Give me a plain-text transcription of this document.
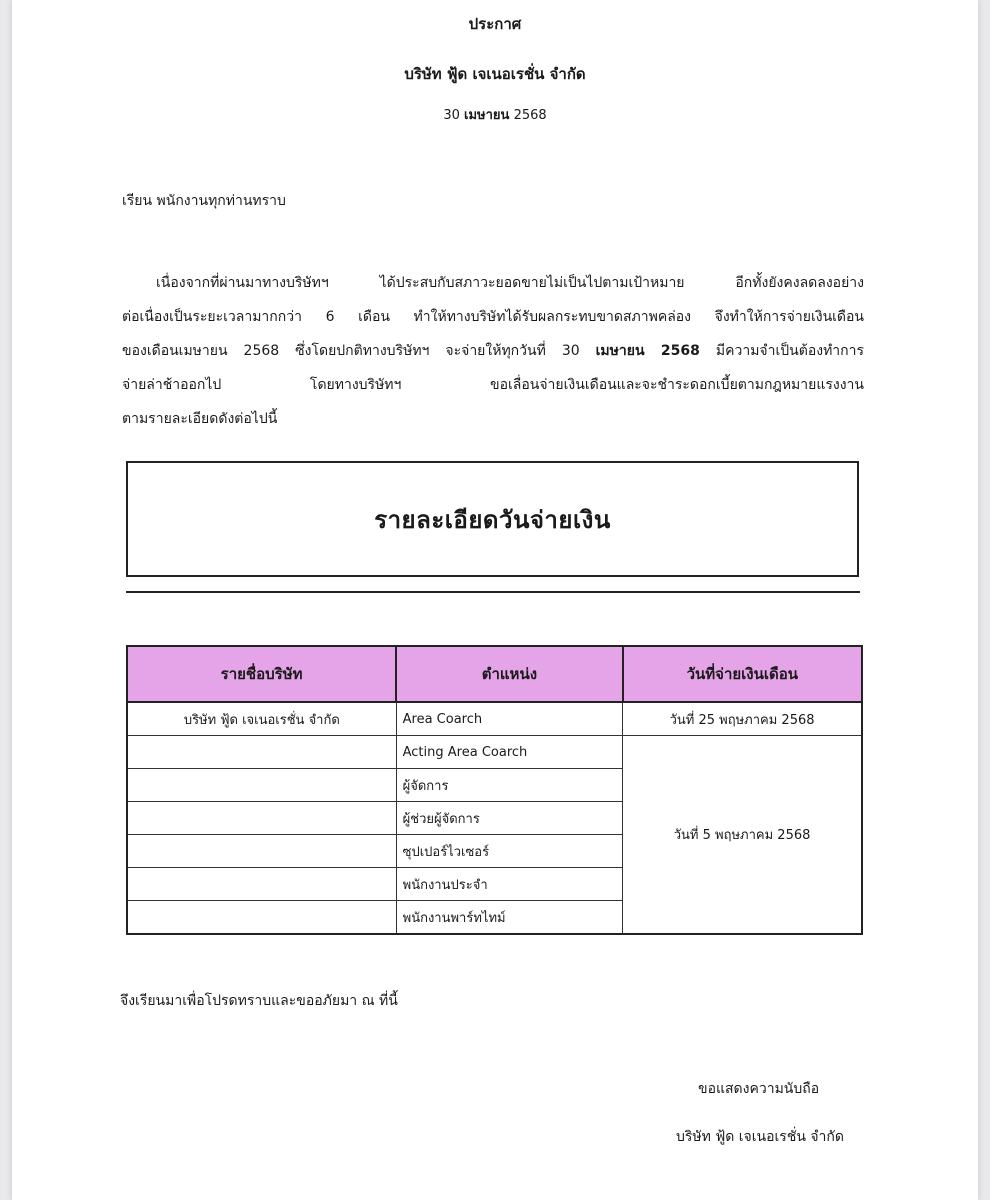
ประกาศ
บริษัท ฟู้ด เจเนอเรชั่น จำกัด
30 เมษายน 2568
เรียน พนักงานทุกท่านทราบ
เนื่องจากที่ผ่านมาทางบริษัทฯ ได้ประสบกับสภาวะยอดขายไม่เป็นไปตามเป้าหมาย อีกทั้งยังคงลดลงอย่าง
ต่อเนื่องเป็นระยะเวลามากกว่า 6 เดือน ทำให้ทางบริษัทได้รับผลกระทบขาดสภาพคล่อง จึงทำให้การจ่ายเงินเดือน
ของเดือนเมษายน 2568 ซึ่งโดยปกติทางบริษัทฯ จะจ่ายให้ทุกวันที่ 30 เมษายน 2568 มีความจำเป็นต้องทำการ
จ่ายล่าช้าออกไป โดยทางบริษัทฯ ขอเลื่อนจ่ายเงินเดือนและจะชำระดอกเบี้ยตามกฎหมายแรงงาน
ตามรายละเอียดดังต่อไปนี้
รายละเอียดวันจ่ายเงิน
รายชื่อบริษัท	ตำแหน่ง	วันที่จ่ายเงินเดือน
บริษัท ฟู้ด เจเนอเรชั่น จำกัด	Area Coarch	วันที่ 25 พฤษภาคม 2568
	Acting Area Coarch	วันที่ 5 พฤษภาคม 2568
	ผู้จัดการ	
	ผู้ช่วยผู้จัดการ	
	ซุปเปอร์ไวเซอร์	
	พนักงานประจำ	
	พนักงานพาร์ทไทม์	
จึงเรียนมาเพื่อโปรดทราบและขออภัยมา ณ ที่นี้
ขอแสดงความนับถือ
บริษัท ฟู้ด เจเนอเรชั่น จำกัด
